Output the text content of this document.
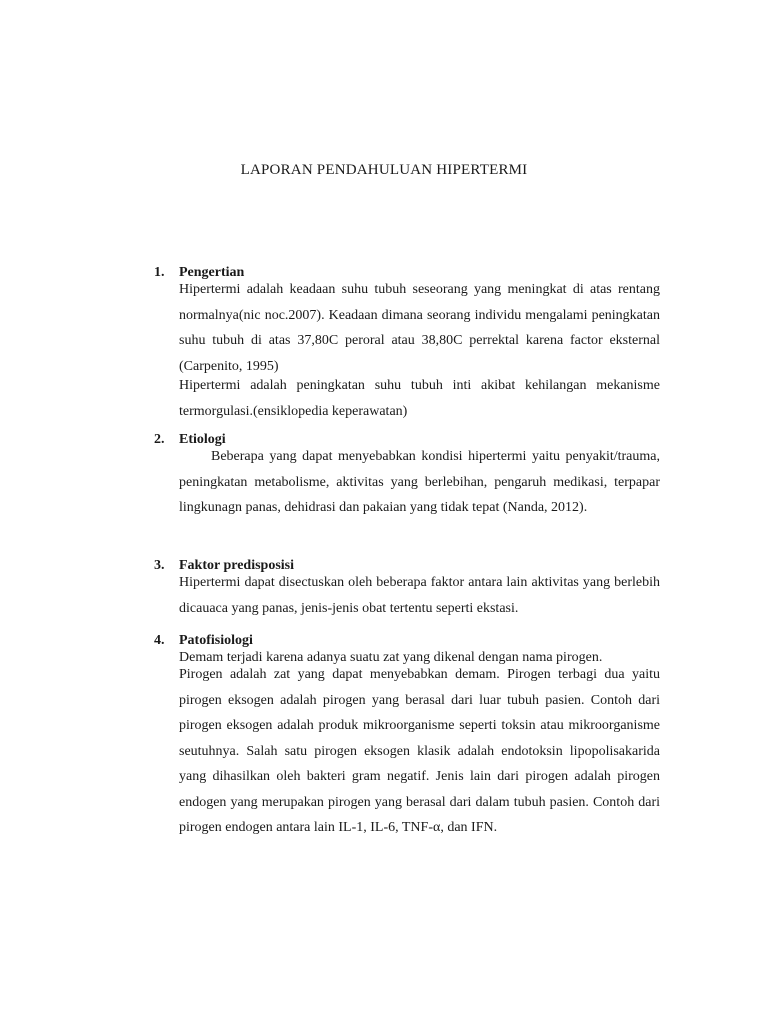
LAPORAN PENDAHULUAN HIPERTERMI
1.	Pengertian
Hipertermi adalah keadaan suhu tubuh seseorang yang meningkat di atas rentang normalnya(nic noc.2007). Keadaan dimana seorang individu mengalami peningkatan suhu tubuh di atas 37,80C peroral atau 38,80C perrektal karena factor eksternal (Carpenito, 1995)
Hipertermi adalah peningkatan suhu tubuh inti akibat kehilangan mekanisme termorgulasi.(ensiklopedia keperawatan)
2.	Etiologi
Beberapa yang dapat menyebabkan kondisi hipertermi yaitu penyakit/trauma, peningkatan metabolisme, aktivitas yang berlebihan, pengaruh medikasi, terpapar lingkunagn panas, dehidrasi dan pakaian yang tidak tepat (Nanda, 2012).
3.	Faktor predisposisi
Hipertermi dapat disectuskan oleh beberapa faktor antara lain aktivitas yang berlebih dicauaca yang panas, jenis-jenis obat tertentu seperti ekstasi.
4.	Patofisiologi
Demam terjadi karena adanya suatu zat yang dikenal dengan nama pirogen.
Pirogen adalah zat yang dapat menyebabkan demam. Pirogen terbagi dua yaitu pirogen eksogen adalah pirogen yang berasal dari luar tubuh pasien. Contoh dari pirogen eksogen adalah produk mikroorganisme seperti toksin atau mikroorganisme seutuhnya. Salah satu pirogen eksogen klasik adalah endotoksin lipopolisakarida yang dihasilkan oleh bakteri gram negatif. Jenis lain dari pirogen adalah pirogen endogen yang merupakan pirogen yang berasal dari dalam tubuh pasien. Contoh dari pirogen endogen antara lain IL-1, IL-6, TNF-α, dan IFN.
